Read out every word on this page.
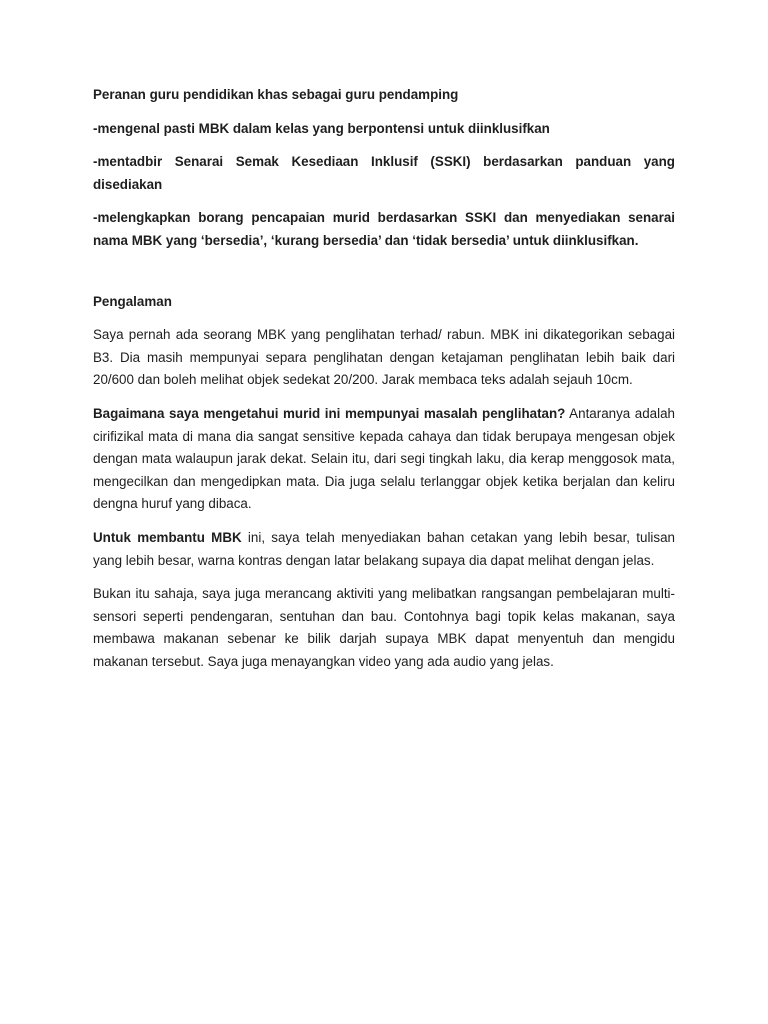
Peranan guru pendidikan khas sebagai guru pendamping

-mengenal pasti MBK dalam kelas yang berpontensi untuk diinklusifkan

-mentadbir Senarai Semak Kesediaan Inklusif (SSKI) berdasarkan panduan yang disediakan

-melengkapkan borang pencapaian murid berdasarkan SSKI dan menyediakan senarai nama MBK yang ‘bersedia’, ‘kurang bersedia’ dan ‘tidak bersedia’ untuk diinklusifkan.

Pengalaman

Saya pernah ada seorang MBK yang penglihatan terhad/ rabun. MBK ini dikategorikan sebagai B3. Dia masih mempunyai separa penglihatan dengan ketajaman penglihatan lebih baik dari 20/600 dan boleh melihat objek sedekat 20/200. Jarak membaca teks adalah sejauh 10cm.

Bagaimana saya mengetahui murid ini mempunyai masalah penglihatan? Antaranya adalah cirifizikal mata di mana dia sangat sensitive kepada cahaya dan tidak berupaya mengesan objek dengan mata walaupun jarak dekat. Selain itu, dari segi tingkah laku, dia kerap menggosok mata, mengecilkan dan mengedipkan mata. Dia juga selalu terlanggar objek ketika berjalan dan keliru dengna huruf yang dibaca.

Untuk membantu MBK ini, saya telah menyediakan bahan cetakan yang lebih besar, tulisan yang lebih besar, warna kontras dengan latar belakang supaya dia dapat melihat dengan jelas.

Bukan itu sahaja, saya juga merancang aktiviti yang melibatkan rangsangan pembelajaran multi-sensori seperti pendengaran, sentuhan dan bau. Contohnya bagi topik kelas makanan, saya membawa makanan sebenar ke bilik darjah supaya MBK dapat menyentuh dan mengidu makanan tersebut. Saya juga menayangkan video yang ada audio yang jelas.
